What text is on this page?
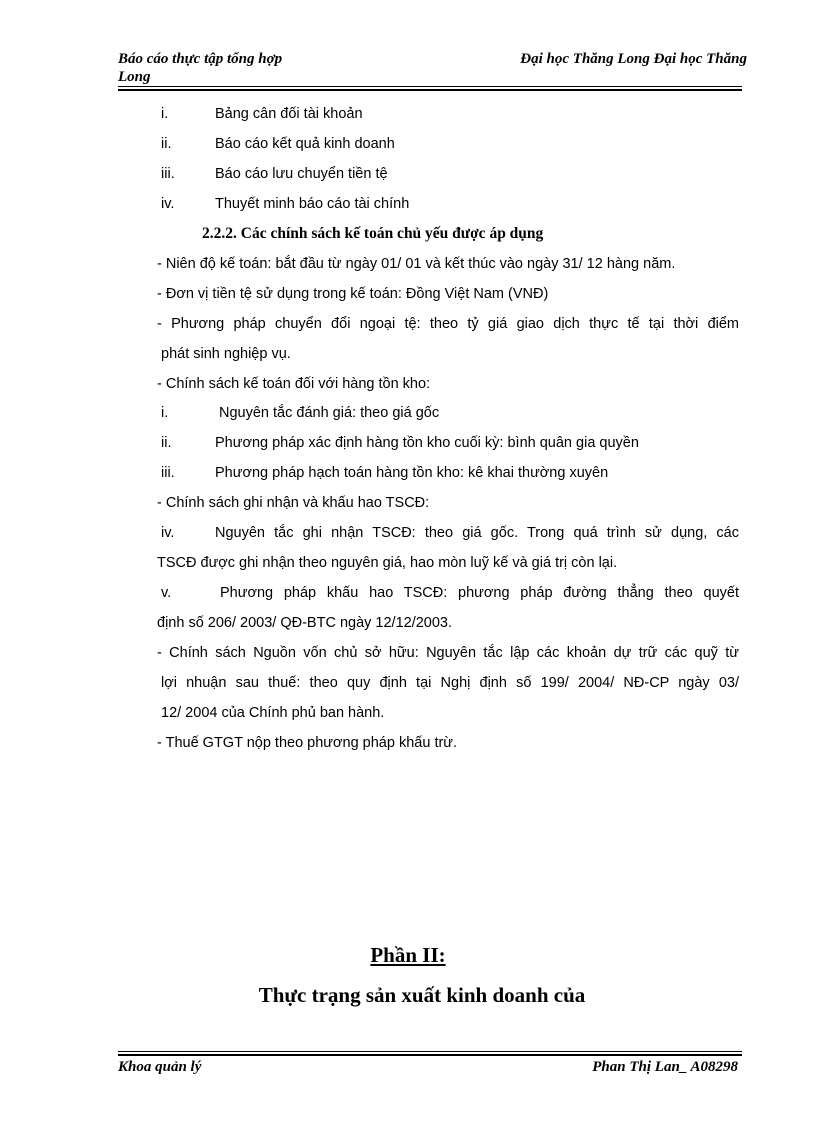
Báo cáo thực tập tổng hợp
Long
Đại học Thăng Long Đại học Thăng
i.	Bảng cân đối tài khoản
ii.	Báo cáo kết quả kinh doanh
iii.	Báo cáo lưu chuyển tiền tệ
iv.	Thuyết minh báo cáo tài chính
2.2.2. Các chính sách kế toán chủ yếu được áp dụng
- Niên độ kế toán: bắt đầu từ ngày 01/ 01 và kết thúc vào ngày 31/ 12 hàng năm.
- Đơn vị tiền tệ sử dụng trong kế toán: Đồng Việt Nam (VNĐ)
- Phương pháp chuyển đổi ngoại tệ: theo tỷ giá giao dịch thực tế tại thời điểm
phát sinh nghiệp vụ.
- Chính sách kế toán đối với hàng tồn kho:
i.	Nguyên tắc đánh giá: theo giá gốc
ii.	Phương pháp xác định hàng tồn kho cuối kỳ: bình quân gia quyền
iii.	Phương pháp hạch toán hàng tồn kho: kê khai thường xuyên
- Chính sách ghi nhận và khấu hao TSCĐ:
iv.	Nguyên tắc ghi nhận TSCĐ: theo giá gốc. Trong quá trình sử dụng, các
TSCĐ được ghi nhận theo nguyên giá, hao mòn luỹ kế và giá trị còn lại.
v.	Phương pháp khấu hao TSCĐ: phương pháp đường thẳng theo quyết
định số 206/ 2003/ QĐ-BTC ngày 12/12/2003.
- Chính sách Nguồn vốn chủ sở hữu: Nguyên tắc lập các khoản dự trữ các quỹ từ
lợi nhuận sau thuế: theo quy định tại Nghị định số 199/ 2004/ NĐ-CP ngày 03/
12/ 2004 của Chính phủ ban hành.
- Thuế GTGT nộp theo phương pháp khấu trừ.
Phần II:
Thực trạng sản xuất kinh doanh của
Khoa quản lý	Phan Thị Lan_ A08298
